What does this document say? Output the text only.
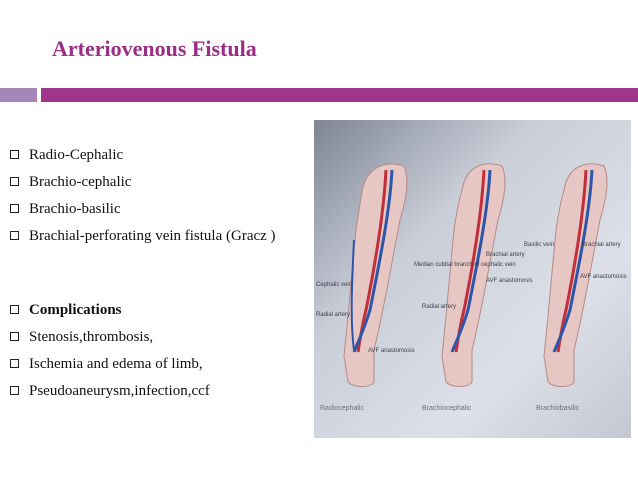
Arteriovenous Fistula
Radio-Cephalic
Brachio-cephalic
Brachio-basilic
Brachial-perforating vein fistula (Gracz )
Complications
Stenosis,thrombosis,
Ischemia and edema of limb,
Pseudoaneurysm,infection,ccf
Cephalic vein
Radial artery
AVF anastomosis
Median cubital branch of cephalic vein
Brachial artery
AVF anastomosis
Radial artery
Basilic vein	Brachial artery
AVF anastomosis
Radiocephalic	Brachiocephalic	Brachiobasilic
